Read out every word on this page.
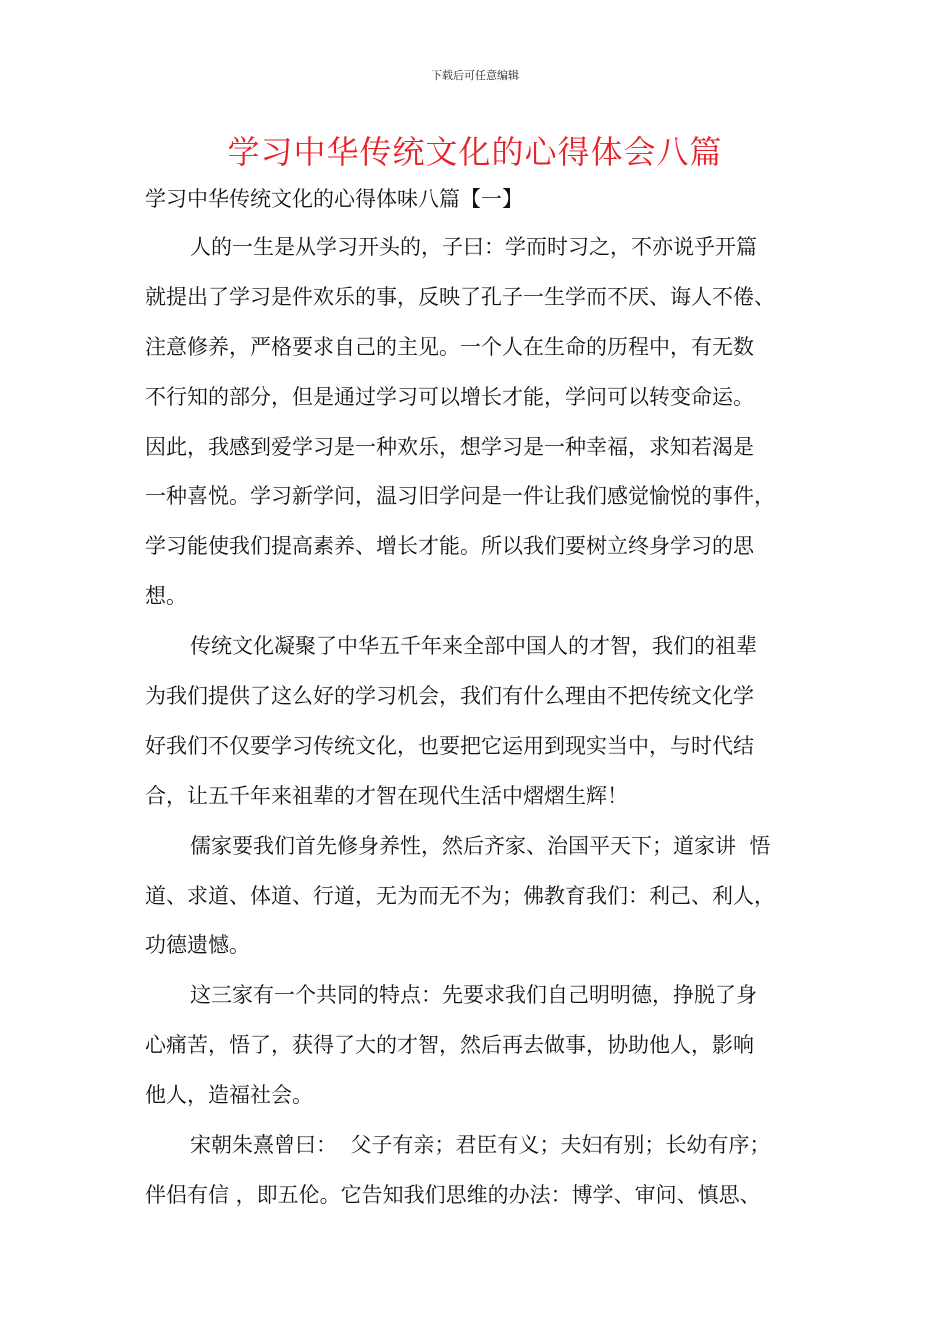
下载后可任意编辑
学习中华传统文化的心得体会八篇
学习中华传统文化的心得体味八篇【一】
人的一生是从学习开头的，子曰：学而时习之，不亦说乎开篇
就提出了学习是件欢乐的事，反映了孔子一生学而不厌、诲人不倦、
注意修养，严格要求自己的主见。一个人在生命的历程中，有无数
不行知的部分，但是通过学习可以增长才能，学问可以转变命运。
因此，我感到爱学习是一种欢乐，想学习是一种幸福，求知若渴是
一种喜悦。学习新学问，温习旧学问是一件让我们感觉愉悦的事件，
学习能使我们提高素养、增长才能。所以我们要树立终身学习的思
想。
传统文化凝聚了中华五千年来全部中国人的才智，我们的祖辈
为我们提供了这么好的学习机会，我们有什么理由不把传统文化学
好我们不仅要学习传统文化，也要把它运用到现实当中，与时代结
合，让五千年来祖辈的才智在现代生活中熠熠生辉！
儒家要我们首先修身养性，然后齐家、治国平天下；道家讲  悟
道、求道、体道、行道，无为而无不为；佛教育我们：利己、利人，
功德遗憾。
这三家有一个共同的特点：先要求我们自己明明德，挣脱了身
心痛苦，悟了，获得了大的才智，然后再去做事，协助他人，影响
他人，造福社会。
宋朝朱熹曾曰：  父子有亲；君臣有义；夫妇有别；长幼有序；
伴侣有信 ，即五伦。它告知我们思维的办法：博学、审问、慎思、
